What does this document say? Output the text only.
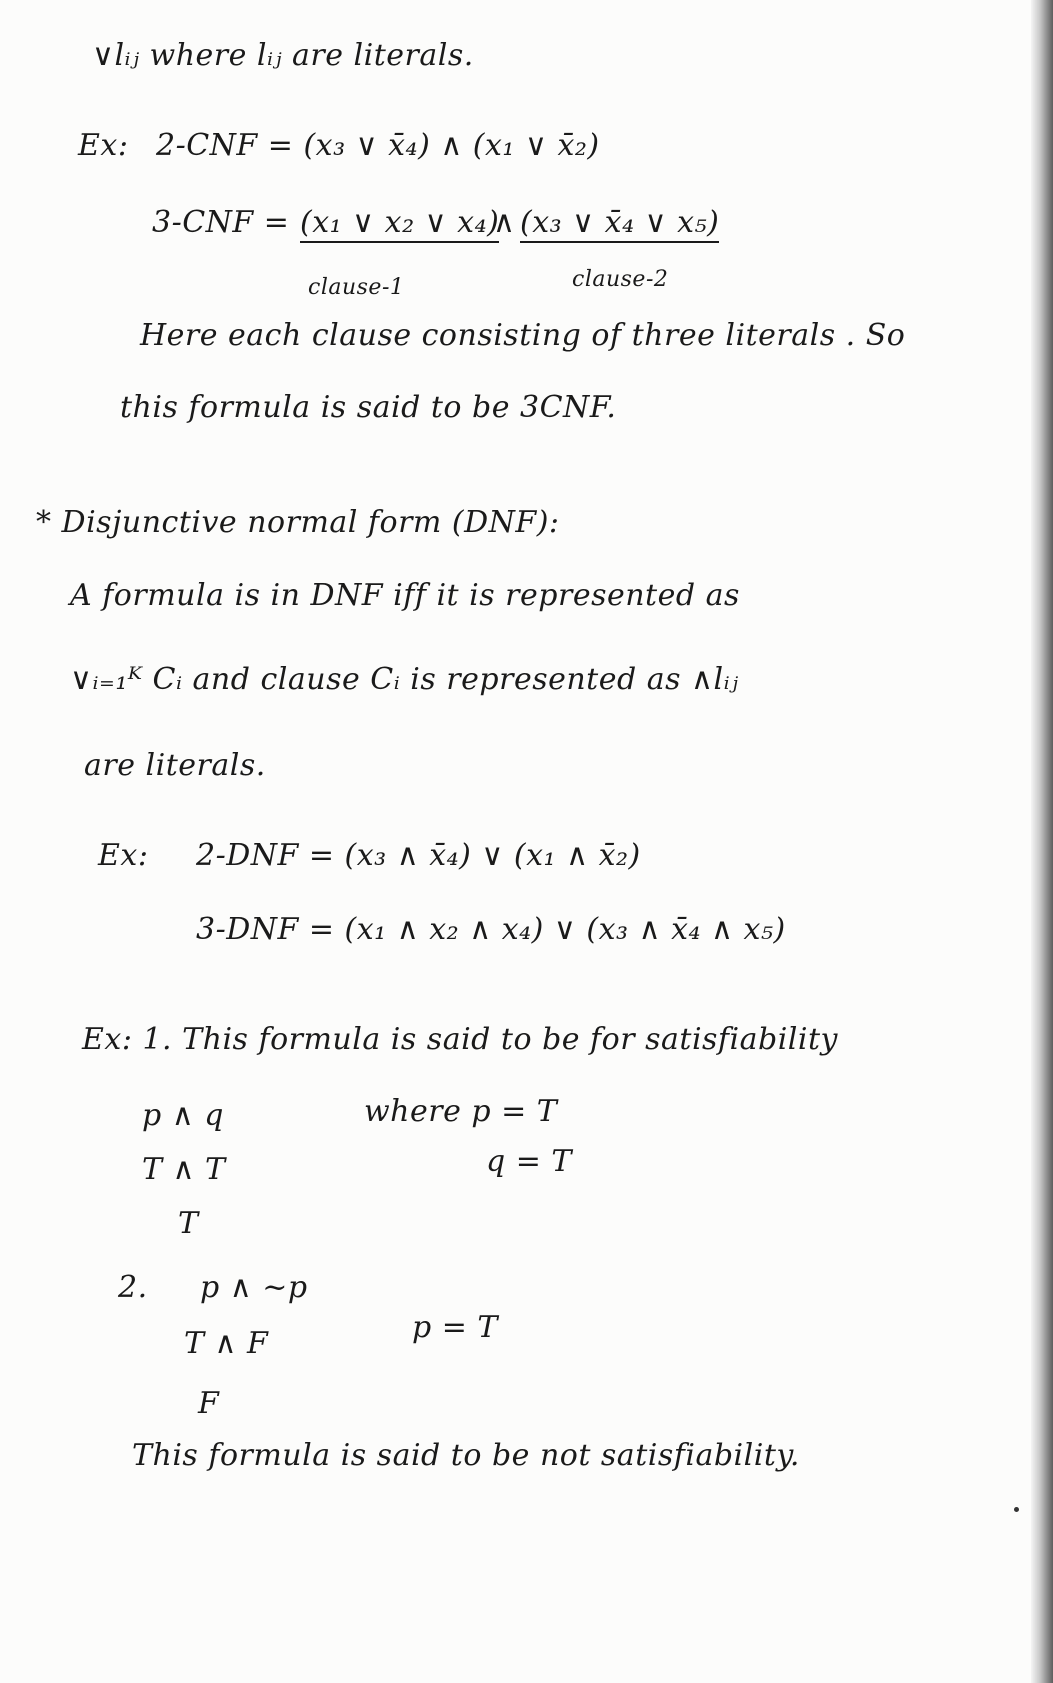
∨lᵢⱼ where lᵢⱼ are literals.
Ex: 2-CNF = (x₃ ∨ x̄₄) ∧ (x₁ ∨ x̄₂)
3-CNF = (x₁ ∨ x₂ ∨ x₄)
∧ (x₃ ∨ x̄₄ ∨ x₅)
clause-1	clause-2
Here each clause consisting of three literals . So
this formula is said to be 3CNF.
* Disjunctive normal form (DNF):
A formula is in DNF iff it is represented as
∨ᵢ₌₁ᴷ Cᵢ and clause Cᵢ is represented as ∧lᵢⱼ
are literals.
Ex: 2-DNF = (x₃ ∧ x̄₄) ∨ (x₁ ∧ x̄₂)
3-DNF = (x₁ ∧ x₂ ∧ x₄) ∨ (x₃ ∧ x̄₄ ∧ x₅)
Ex: 1. This formula is said to be for satisfiability
p ∧ q	where p = T
T ∧ T	q = T
T
2. p ∧ ~p
p = T
T ∧ F
F
This formula is said to be not satisfiability.
